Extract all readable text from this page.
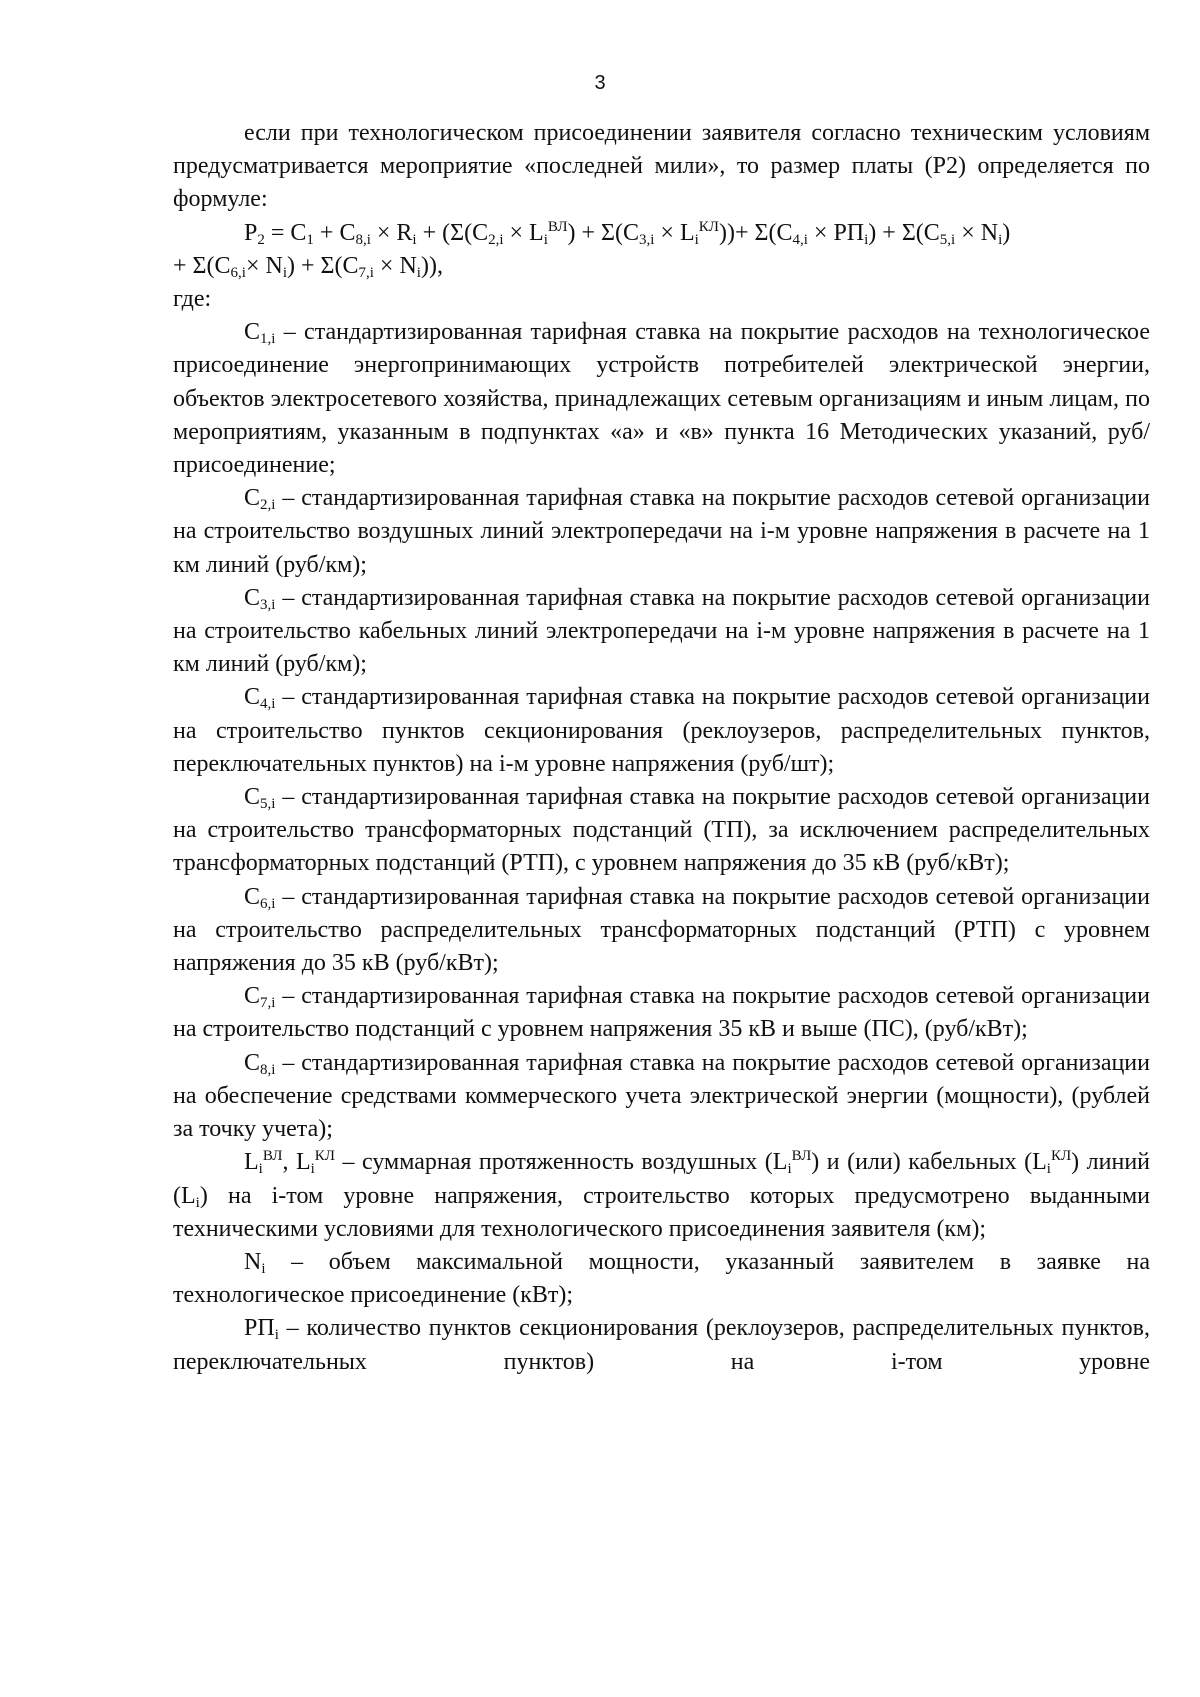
3

если при технологическом присоединении заявителя согласно техническим условиям предусматривается мероприятие «последней мили», то размер платы (P2) определяется по формуле:

$P_2 = C_1 + C_{8,i} \times R_i + (\Sigma(C_{2,i} \times L_i^{ВЛ}) + \Sigma(C_{3,i} \times L_i^{КЛ}))+ \Sigma(C_{4,i} \times РП_i) + \Sigma(C_{5,i} \times N_i)$

+ $\Sigma(C_{6,i}\times N_i) + \Sigma(C_{7,i} \times N_i)$),

где:

$C_{1,i}$ – стандартизированная тарифная ставка на покрытие расходов на технологическое присоединение энергопринимающих устройств потребителей электрической энергии, объектов электросетевого хозяйства, принадлежащих сетевым организациям и иным лицам, по мероприятиям, указанным в подпунктах «а» и «в» пункта 16 Методических указаний, руб/присоединение;

$C_{2,i}$ – стандартизированная тарифная ставка на покрытие расходов сетевой организации на строительство воздушных линий электропередачи на i-м уровне напряжения в расчете на 1 км линий (руб/км);

$C_{3,i}$ – стандартизированная тарифная ставка на покрытие расходов сетевой организации на строительство кабельных линий электропередачи на i-м уровне напряжения в расчете на 1 км линий (руб/км);

$C_{4,i}$ – стандартизированная тарифная ставка на покрытие расходов сетевой организации на строительство пунктов секционирования (реклоузеров, распределительных пунктов, переключательных пунктов) на i-м уровне напряжения (руб/шт);

$C_{5,i}$ – стандартизированная тарифная ставка на покрытие расходов сетевой организации на строительство трансформаторных подстанций (ТП), за исключением распределительных трансформаторных подстанций (РТП), с уровнем напряжения до 35 кВ (руб/кВт);

$C_{6,i}$ – стандартизированная тарифная ставка на покрытие расходов сетевой организации на строительство распределительных трансформаторных подстанций (РТП) с уровнем напряжения до 35 кВ (руб/кВт);

$C_{7,i}$ – стандартизированная тарифная ставка на покрытие расходов сетевой организации на строительство подстанций с уровнем напряжения 35 кВ и выше (ПС), (руб/кВт);

$C_{8,i}$ – стандартизированная тарифная ставка на покрытие расходов сетевой организации на обеспечение средствами коммерческого учета электрической энергии (мощности), (рублей за точку учета);

$L_i^{ВЛ}$, $L_i^{КЛ}$ – суммарная протяженность воздушных $(L_i^{ВЛ})$ и (или) кабельных $(L_i^{КЛ})$ линий $(L_i)$ на i-том уровне напряжения, строительство которых предусмотрено выданными техническими условиями для технологического присоединения заявителя (км);

$N_i$ – объем максимальной мощности, указанный заявителем в заявке на технологическое присоединение (кВт);

$РП_i$ – количество пунктов секционирования (реклоузеров, распределительных пунктов, переключательных пунктов) на i-том уровне
